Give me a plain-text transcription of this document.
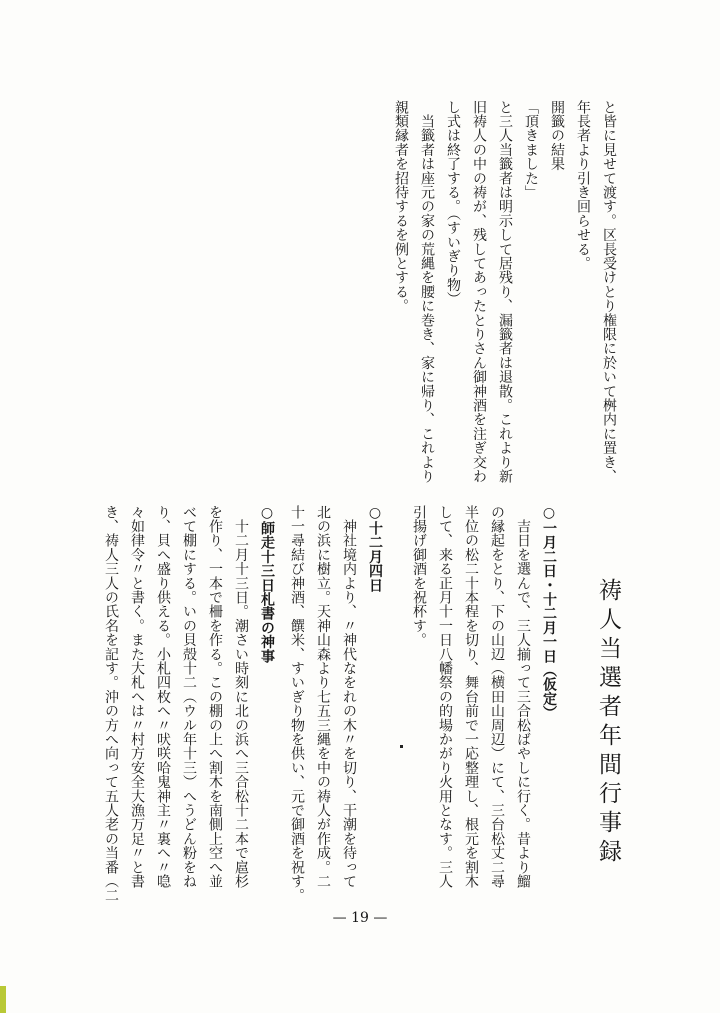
祷人当選者年間行事録
と皆に見せて渡す。区長受けとり権限に於いて桝内に置き、
年長者より引き回らせる。
開籤の結果
「頂きました」
と三人当籤者は明示して居残り、漏籤者は退散。これより新
旧祷人の中の祷が、残してあったとりさん御神酒を注ぎ交わ
し式は終了する。（すいぎり物）
　当籤者は座元の家の荒縄を腰に巻き、家に帰り、これより
親類縁者を招待するを例とする。
○一月二日・十二月一日（仮定）
　吉日を選んで、三人揃って三合松ばやしに行く。昔より鰡
の縁起をとり、下の山辺（横田山周辺）にて、三台松丈二尋
半位の松二十本程を切り、舞台前で一応整理し、根元を割木
して、来る正月十一日八幡祭の的場かがり火用となす。三人
引揚げ御酒を祝杯す。
○十二月四日
　神社境内より、〃神代なをれの木〃を切り、干潮を待って
北の浜に樹立。天神山森より七五三縄を中の祷人が作成。二
十一尋結び神酒、饌米、すいぎり物を供い、元で御酒を祝す。
○師走十三日札書の神事
　十二月十三日。潮さい時刻に北の浜へ三合松十二本で扈杉
を作り、一本で柵を作る。この棚の上へ割木を南側上空へ並
べて棚にする。いの貝殻十二（ウル年十三）へうどん粉をね
り、貝へ盛り供える。小札四枚へ〃吠咲哈鬼神主〃裏へ〃喼
々如律令〃と書く。また大札へは〃村方安全大漁万足〃と書
き、祷人三人の氏名を記す。沖の方へ向って五人老の当番（二
— 19 —
